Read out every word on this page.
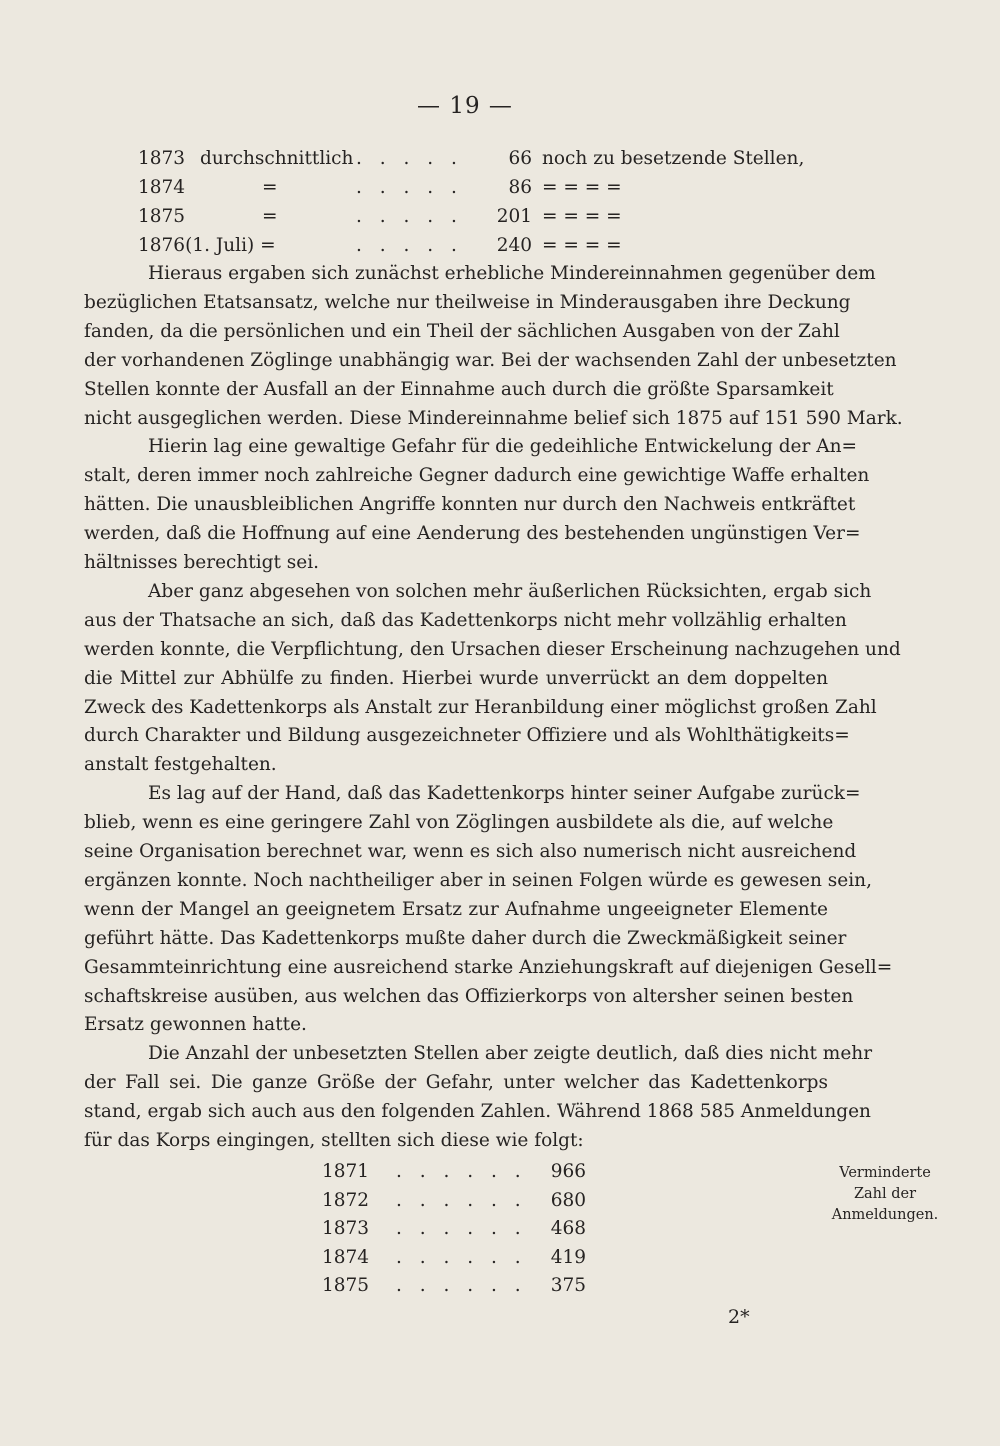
— 19 —
1873 durchschnittlich . . . . .	66 noch zu besetzende Stellen,
1874	=	. . . . .	86 = = = =
1875	=	. . . . .	201 = = = =
1876(1. Juli) =	. . . . .	240 = = = =
Hieraus ergaben sich zunächst erhebliche Mindereinnahmen gegenüber dem
bezüglichen Etatsansatz, welche nur theilweise in Minderausgaben ihre Deckung
fanden, da die persönlichen und ein Theil der sächlichen Ausgaben von der Zahl
der vorhandenen Zöglinge unabhängig war. Bei der wachsenden Zahl der unbesetzten
Stellen konnte der Ausfall an der Einnahme auch durch die größte Sparsamkeit
nicht ausgeglichen werden. Diese Mindereinnahme belief sich 1875 auf 151 590 Mark.
Hierin lag eine gewaltige Gefahr für die gedeihliche Entwickelung der An=
stalt, deren immer noch zahlreiche Gegner dadurch eine gewichtige Waffe erhalten
hätten. Die unausbleiblichen Angriffe konnten nur durch den Nachweis entkräftet
werden, daß die Hoffnung auf eine Aenderung des bestehenden ungünstigen Ver=
hältnisses berechtigt sei.
Aber ganz abgesehen von solchen mehr äußerlichen Rücksichten, ergab sich
aus der Thatsache an sich, daß das Kadettenkorps nicht mehr vollzählig erhalten
werden konnte, die Verpflichtung, den Ursachen dieser Erscheinung nachzugehen und
die Mittel zur Abhülfe zu finden. Hierbei wurde unverrückt an dem doppelten
Zweck des Kadettenkorps als Anstalt zur Heranbildung einer möglichst großen Zahl
durch Charakter und Bildung ausgezeichneter Offiziere und als Wohlthätigkeits=
anstalt festgehalten.
Es lag auf der Hand, daß das Kadettenkorps hinter seiner Aufgabe zurück=
blieb, wenn es eine geringere Zahl von Zöglingen ausbildete als die, auf welche
seine Organisation berechnet war, wenn es sich also numerisch nicht ausreichend
ergänzen konnte. Noch nachtheiliger aber in seinen Folgen würde es gewesen sein,
wenn der Mangel an geeignetem Ersatz zur Aufnahme ungeeigneter Elemente
geführt hätte. Das Kadettenkorps mußte daher durch die Zweckmäßigkeit seiner
Gesammteinrichtung eine ausreichend starke Anziehungskraft auf diejenigen Gesell=
schaftskreise ausüben, aus welchen das Offizierkorps von altersher seinen besten
Ersatz gewonnen hatte.
Die Anzahl der unbesetzten Stellen aber zeigte deutlich, daß dies nicht mehr
der Fall sei. Die ganze Größe der Gefahr, unter welcher das Kadettenkorps
stand, ergab sich auch aus den folgenden Zahlen. Während 1868 585 Anmeldungen
für das Korps eingingen, stellten sich diese wie folgt:
1871 . . . . . .	966
1872 . . . . . .	680
1873 . . . . . .	468
1874 . . . . . .	419
1875 . . . . . .	375
Verminderte
Zahl der
Anmeldungen.
2*
